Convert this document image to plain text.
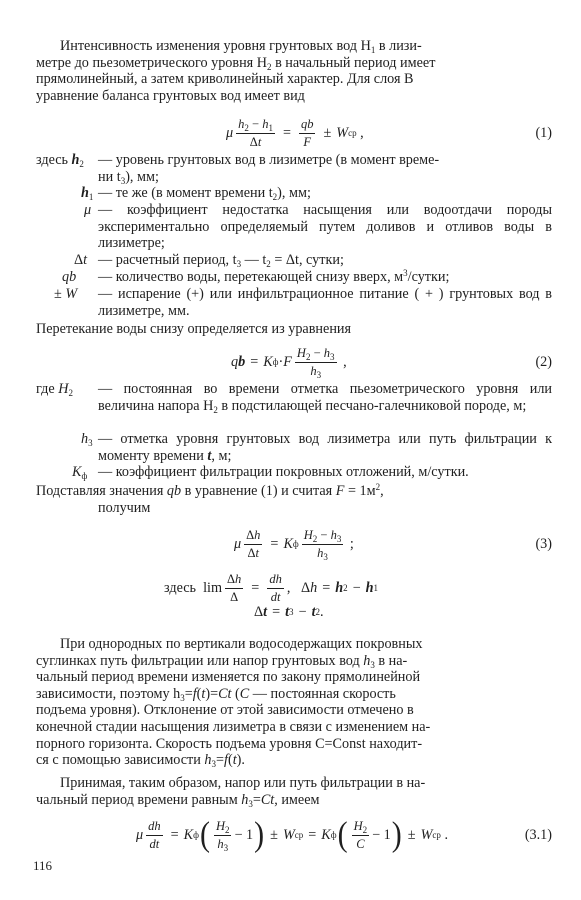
Интенсивность изменения уровня грунтовых вод $H_1$ в лизи-

метре до пьезометрического уровня $H_2$ в начальный период имеет

прямолинейный, а затем криволинейный характер. Для слоя В

уравнение баланса грунтовых вод имеет вид

μ $\frac{h_2 - h_1}{\Delta t} = \frac{qb}{F} \pm W$ ср ,	(1)
здесь $h_2$ — уровень грунтовых вод в лизиметре (в момент време-
ни $t_3$), мм;
$h_1$ — те же (в момент времени $t_2$), мм;
μ — коэффициент недостатка насыщения или водоотдачи породы экспериментально определяемый путем доливов и отливов воды в лизиметре;
Δt — расчетный период, $t_3$ — $t_2 = \Delta t$, сутки;
qb — количество воды, перетекающей снизу вверх, $м^3$/сутки;
± W — испарение (+) или инфильтрационное питание ( + ) грунтовых вод в лизиметре, мм.

Перетекание воды снизу определяется из уравнения

q b = K ф · F $\frac{H_2 - h_3}{h_3}$ ,	(2)
где $H_2$ — постоянная во времени отметка пьезометрического уровня или величина напора $H_2$ в подстилающей песчано-галечниковой породе, м;
$h_3$ — отметка уровня грунтовых вод лизиметра или путь фильтрации к моменту времени t, м;
$K_ф$ — коэффициент фильтрации покровных отложений, м/сутки.

Подставляя значения qb в уравнение (1) и считая $F = 1м^2$,

получим

μ $\frac{\Delta h}{\Delta t} = K$ ф $\frac{H_2 - h_3}{h_3}$ ;	(3)
здесь $\lim \frac{\Delta h}{\Delta} = \frac{dh}{dt}$ ,   Δ h = h 2 − h 1
Δ t = t 3 − t 2 .

При однородных по вертикали водосодержащих покровных

суглинках путь фильтрации или напор грунтовых вод $h_3$ в на-

чальный период времени изменяется по закону прямолинейной

зависимости, поэтому $h_3=f(t)=Ct$ (C — постоянная скорость

подъема уровня). Отклонение от этой зависимости отмечено в

конечной стадии насыщения лизиметра в связи с изменением на-

порного горизонта. Скорость подъема уровня C=Const находит-

ся с помощью зависимости $h_3=f(t)$.

Принимая, таким образом, напор или путь фильтрации в на-

чальный период времени равным $h_3=Ct$, имеем

μ $\frac{dh}{dt} = K$ ф ( $\frac{H_2}{h_3} - 1$ ) ± W ср = K ф ( $\frac{H_2}{C} - 1$ ) ± W ср .	(3.1)
116
